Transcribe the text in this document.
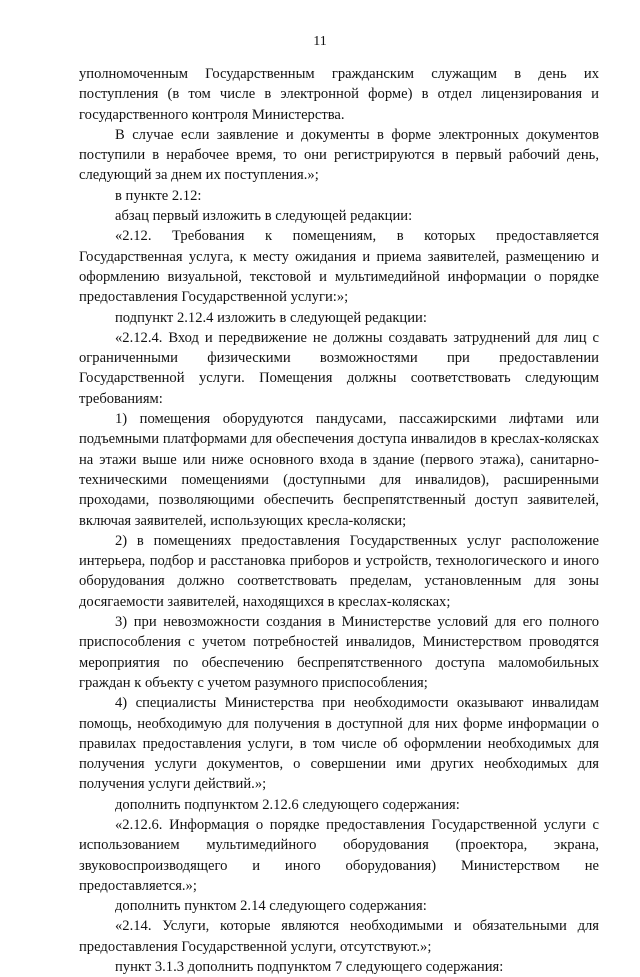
11

уполномоченным Государственным гражданским служащим в день их поступления (в том числе в электронной форме) в отдел лицензирования и государственного контроля Министерства.

В случае если заявление и документы в форме электронных документов поступили в нерабочее время, то они регистрируются в первый рабочий день, следующий за днем их поступления.»;

в пункте 2.12:

абзац первый изложить в следующей редакции:

«2.12. Требования к помещениям, в которых предоставляется Государственная услуга, к месту ожидания и приема заявителей, размещению и оформлению визуальной, текстовой и мультимедийной информации о порядке предоставления Государственной услуги:»;

подпункт 2.12.4 изложить в следующей редакции:

«2.12.4. Вход и передвижение не должны создавать затруднений для лиц с ограниченными физическими возможностями при предоставлении Государственной услуги. Помещения должны соответствовать следующим требованиям:

1) помещения оборудуются пандусами, пассажирскими лифтами или подъемными платформами для обеспечения доступа инвалидов в креслах-колясках на этажи выше или ниже основного входа в здание (первого этажа), санитарно-техническими помещениями (доступными для инвалидов), расширенными проходами, позволяющими обеспечить беспрепятственный доступ заявителей, включая заявителей, использующих кресла-коляски;

2) в помещениях предоставления Государственных услуг расположение интерьера, подбор и расстановка приборов и устройств, технологического и иного оборудования должно соответствовать пределам, установленным для зоны досягаемости заявителей, находящихся в креслах-колясках;

3) при невозможности создания в Министерстве условий для его полного приспособления с учетом потребностей инвалидов, Министерством проводятся мероприятия по обеспечению беспрепятственного доступа маломобильных граждан к объекту с учетом разумного приспособления;

4) специалисты Министерства при необходимости оказывают инвалидам помощь, необходимую для получения в доступной для них форме информации о правилах предоставления услуги, в том числе об оформлении необходимых для получения услуги документов, о совершении ими других необходимых для получения услуги действий.»;

дополнить подпунктом 2.12.6 следующего содержания:

«2.12.6. Информация о порядке предоставления Государственной услуги с использованием мультимедийного оборудования (проектора, экрана, звуковоспроизводящего и иного оборудования) Министерством не предоставляется.»;

дополнить пунктом 2.14 следующего содержания:

«2.14. Услуги, которые являются необходимыми и обязательными для предоставления Государственной услуги, отсутствуют.»;

пункт 3.1.3 дополнить подпунктом 7 следующего содержания:
